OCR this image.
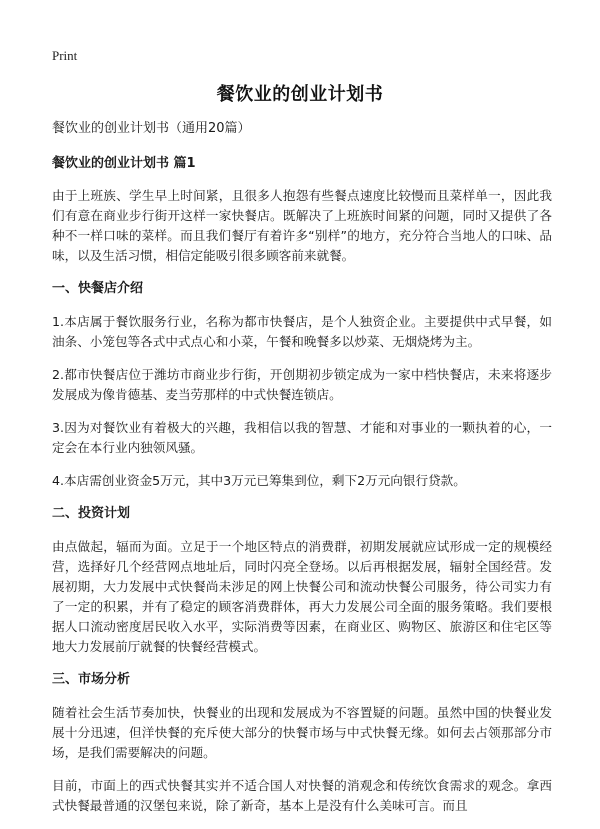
Print
餐饮业的创业计划书

餐饮业的创业计划书（通用20篇）

餐饮业的创业计划书 篇1

由于上班族、学生早上时间紧，且很多人抱怨有些餐点速度比较慢而且菜样单一，因此我们有意在商业步行街开这样一家快餐店。既解决了上班族时间紧的问题，同时又提供了各种不一样口味的菜样。而且我们餐厅有着许多“别样”的地方，充分符合当地人的口味、品味，以及生活习惯，相信定能吸引很多顾客前来就餐。

一、快餐店介绍

1.本店属于餐饮服务行业，名称为都市快餐店，是个人独资企业。主要提供中式早餐，如油条、小笼包等各式中式点心和小菜，午餐和晚餐多以炒菜、无烟烧烤为主。

2.都市快餐店位于潍坊市商业步行街，开创期初步锁定成为一家中档快餐店，未来将逐步发展成为像肯德基、麦当劳那样的中式快餐连锁店。

3.因为对餐饮业有着极大的兴趣，我相信以我的智慧、才能和对事业的一颗执着的心，一定会在本行业内独领风骚。

4.本店需创业资金5万元，其中3万元已筹集到位，剩下2万元向银行贷款。

二、投资计划

由点做起，辐而为面。立足于一个地区特点的消费群，初期发展就应试形成一定的规模经营，选择好几个经营网点地址后，同时闪亮全登场。以后再根据发展，辐射全国经营。发展初期，大力发展中式快餐尚未涉足的网上快餐公司和流动快餐公司服务，待公司实力有了一定的积累，并有了稳定的顾客消费群体，再大力发展公司全面的服务策略。我们要根据人口流动密度居民收入水平，实际消费等因素，在商业区、购物区、旅游区和住宅区等地大力发展前厅就餐的快餐经营模式。

三、市场分析

随着社会生活节奏加快，快餐业的出现和发展成为不容置疑的问题。虽然中国的快餐业发展十分迅速，但洋快餐的充斥使大部分的快餐市场与中式快餐无缘。如何去占领那部分市场，是我们需要解决的问题。

目前，市面上的西式快餐其实并不适合国人对快餐的消观念和传统饮食需求的观念。拿西式快餐最普通的汉堡包来说，除了新奇，基本上是没有什么美味可言。而且
